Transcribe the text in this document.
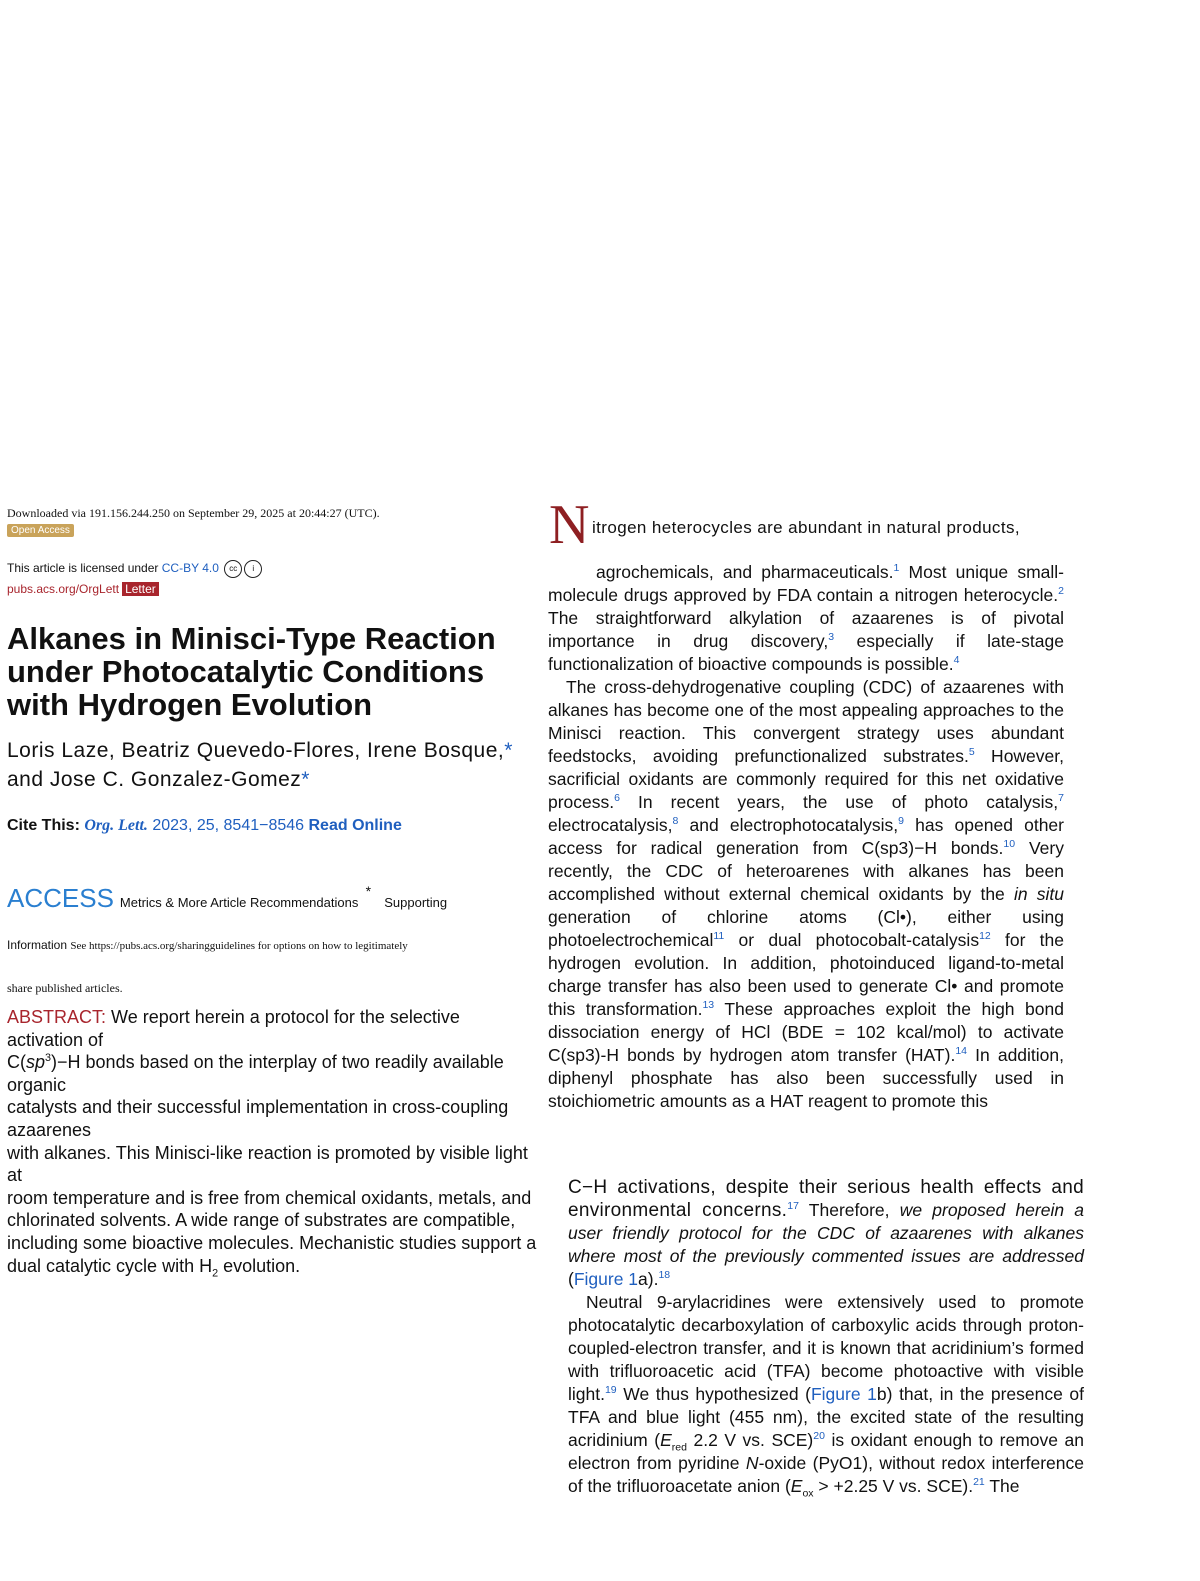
Downloaded via 191.156.244.250 on September 29, 2025 at 20:44:27 (UTC).
Open Access
This article is licensed under CC-BY 4.0 cc i
pubs.acs.org/OrgLett Letter
Alkanes in Minisci-Type Reaction under Photocatalytic Conditions with Hydrogen Evolution
Loris Laze, Beatriz Quevedo-Flores, Irene Bosque,* and Jose C. Gonzalez-Gomez*
Cite This: Org. Lett. 2023, 25, 8541−8546 Read Online
ACCESS Metrics & More Article Recommendations * Supporting
Information See https://pubs.acs.org/sharingguidelines for options on how to legitimately
share published articles.
ABSTRACT: We report herein a protocol for the selective activation of
$C(sp^3)-H$ bonds based on the interplay of two readily available organic
catalysts and their successful implementation in cross-coupling azaarenes
with alkanes. This Minisci-like reaction is promoted by visible light at
room temperature and is free from chemical oxidants, metals, and
chlorinated solvents. A wide range of substrates are compatible,
including some bioactive molecules. Mechanistic studies support a
dual catalytic cycle with $H_2$ evolution.
N itrogen heterocycles are abundant in natural products,

agrochemicals, and pharmaceuticals.$^1$ Most unique small-molecule drugs approved by FDA contain a nitrogen heterocycle.$^2$ The straightforward alkylation of azaarenes is of pivotal importance in drug discovery,$^3$ especially if late-stage functionalization of bioactive compounds is possible.$^4$

The cross-dehydrogenative coupling (CDC) of azaarenes with alkanes has become one of the most appealing approaches to the Minisci reaction. This convergent strategy uses abundant feedstocks, avoiding prefunctionalized substrates.$^5$ However, sacrificial oxidants are commonly required for this net oxidative process.$^6$ In recent years, the use of photo catalysis,$^7$ electrocatalysis,$^8$ and electrophotocatalysis,$^9$ has opened other access for radical generation from C(sp3)−H bonds.$^{10}$ Very recently, the CDC of heteroarenes with alkanes has been accomplished without external chemical oxidants by the in situ generation of chlorine atoms (Cl•), either using photoelectrochemical$^{11}$ or dual photocobalt-catalysis$^{12}$ for the hydrogen evolution. In addition, photoinduced ligand-to-metal charge transfer has also been used to generate Cl• and promote this transformation.$^{13}$ These approaches exploit the high bond dissociation energy of HCl (BDE = 102 kcal/mol) to activate C(sp3)-H bonds by hydrogen atom transfer (HAT).$^{14}$ In addition, diphenyl phosphate has also been successfully used in stoichiometric amounts as a HAT reagent to promote this

C−H activations, despite their serious health effects and environmental concerns.$^{17}$ Therefore, we proposed herein a user friendly protocol for the CDC of azaarenes with alkanes where most of the previously commented issues are addressed (Figure 1a).$^{18}$

Neutral 9-arylacridines were extensively used to promote photocatalytic decarboxylation of carboxylic acids through proton-coupled-electron transfer, and it is known that acridinium’s formed with trifluoroacetic acid (TFA) become photoactive with visible light.$^{19}$ We thus hypothesized (Figure 1b) that, in the presence of TFA and blue light (455 nm), the excited state of the resulting acridinium ($E_{red}$ 2.2 V vs. SCE)$^{20}$ is oxidant enough to remove an electron from pyridine N-oxide (PyO1), without redox interference of the trifluoroacetate anion ($E_{ox} > +2.25$ V vs. SCE).$^{21}$ The
